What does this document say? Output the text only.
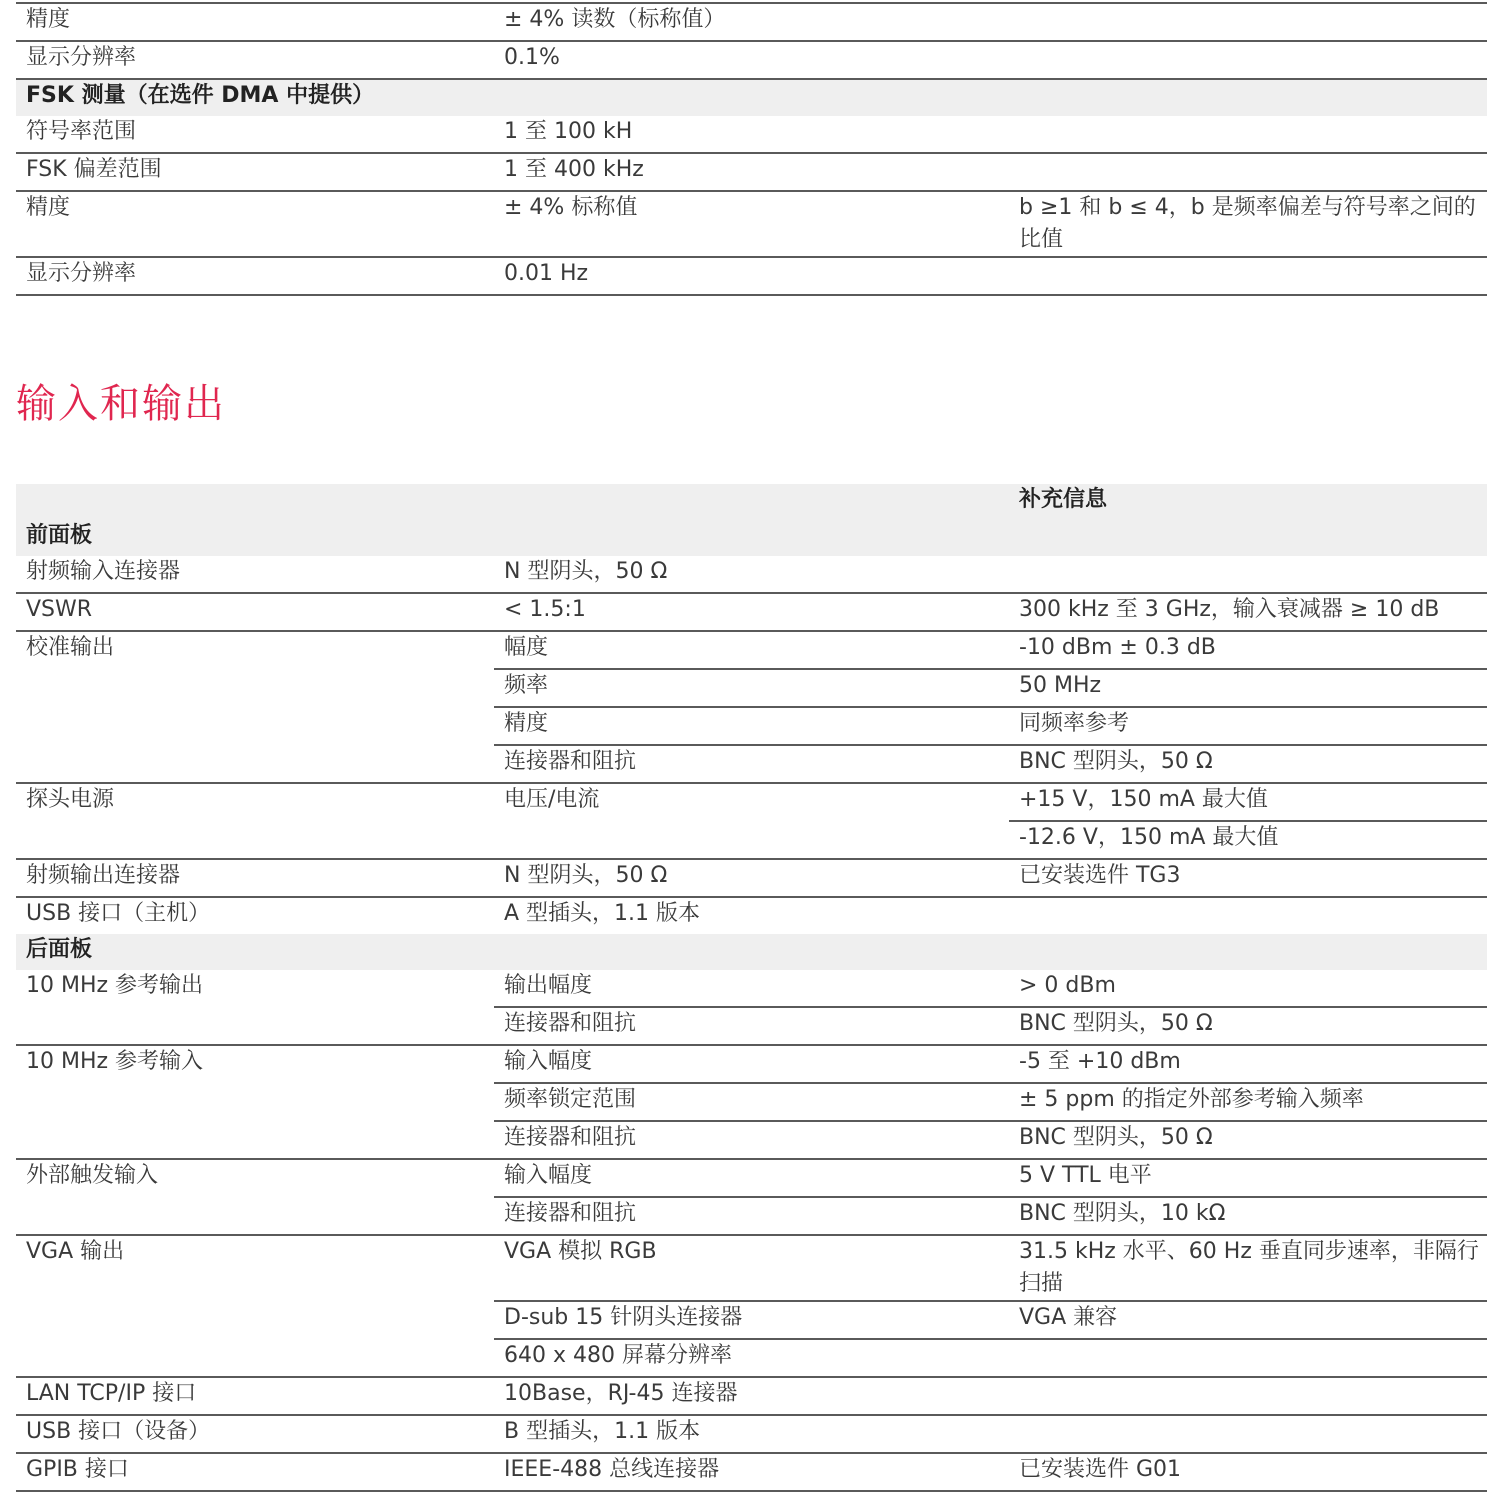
精度	± 4% 读数（标称值）	
显示分辨率	0.1%	
FSK 测量（在选件 DMA 中提供）		
符号率范围	1 至 100 kH	
FSK 偏差范围	1 至 400 kHz	
精度	± 4% 标称值	b ≥1 和 b ≤ 4，b 是频率偏差与符号率之间的比值
显示分辨率	0.01 Hz	
输入和输出
		补充信息
前面板		
射频输入连接器	N 型阴头，50 Ω	
VSWR	< 1.5:1	300 kHz 至 3 GHz，输入衰减器 ≥ 10 dB
校准输出	幅度	-10 dBm ± 0.3 dB
	频率	50 MHz
	精度	同频率参考
	连接器和阻抗	BNC 型阴头，50 Ω
探头电源	电压/电流	+15 V，150 mA 最大值
		-12.6 V，150 mA 最大值
射频输出连接器	N 型阴头，50 Ω	已安装选件 TG3
USB 接口（主机）	A 型插头，1.1 版本	
后面板		
10 MHz 参考输出	输出幅度	> 0 dBm
	连接器和阻抗	BNC 型阴头，50 Ω
10 MHz 参考输入	输入幅度	-5 至 +10 dBm
	频率锁定范围	± 5 ppm 的指定外部参考输入频率
	连接器和阻抗	BNC 型阴头，50 Ω
外部触发输入	输入幅度	5 V TTL 电平
	连接器和阻抗	BNC 型阴头，10 kΩ
VGA 输出	VGA 模拟 RGB	31.5 kHz 水平、60 Hz 垂直同步速率，非隔行扫描
	D-sub 15 针阴头连接器	VGA 兼容
	640 x 480 屏幕分辨率	
LAN TCP/IP 接口	10Base，RJ-45 连接器	
USB 接口（设备）	B 型插头，1.1 版本	
GPIB 接口	IEEE-488 总线连接器	已安装选件 G01
